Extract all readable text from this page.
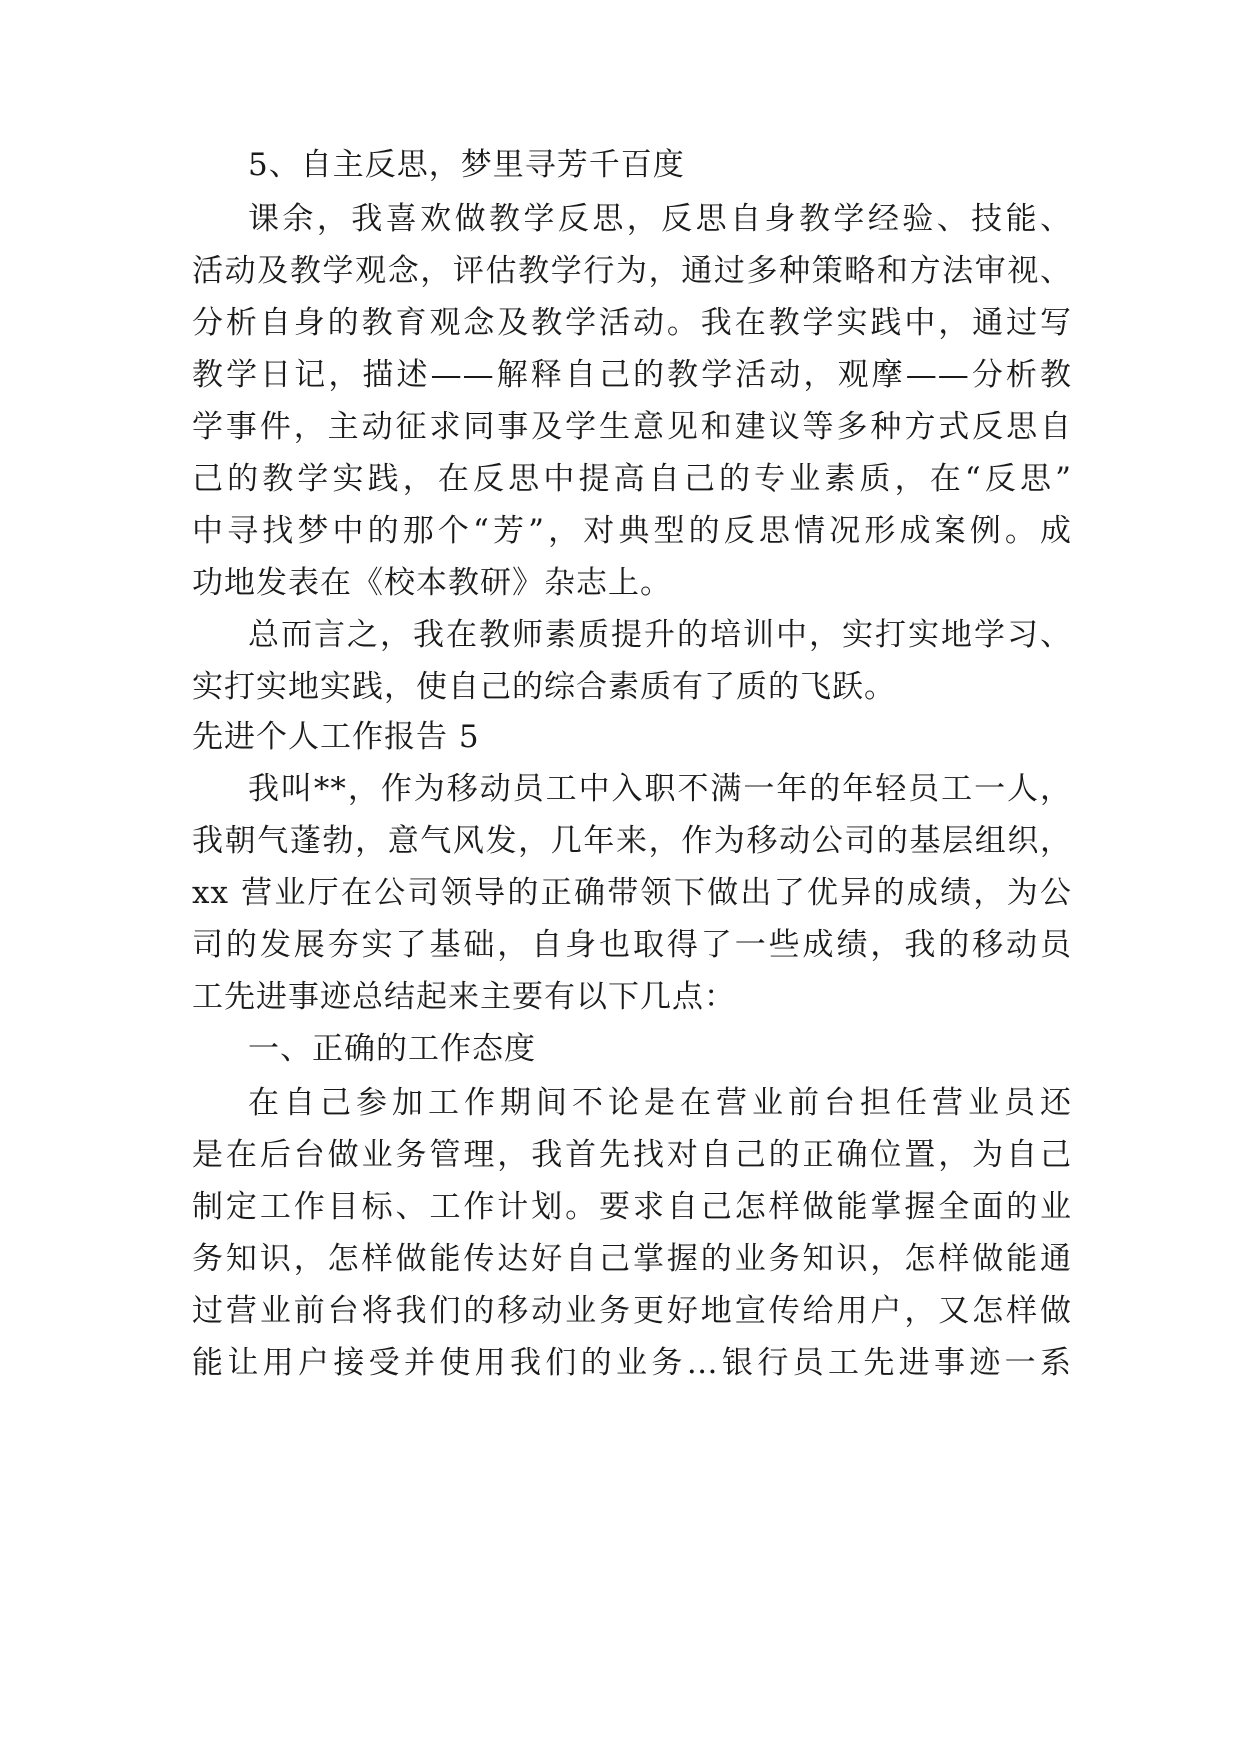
5、自主反思，梦里寻芳千百度
课余，我喜欢做教学反思，反思自身教学经验、技能、
活动及教学观念，评估教学行为，通过多种策略和方法审视、
分析自身的教育观念及教学活动。我在教学实践中，通过写
教学日记，描述——解释自己的教学活动，观摩——分析教
学事件，主动征求同事及学生意见和建议等多种方式反思自
己的教学实践，在反思中提高自己的专业素质，在“反思”
中寻找梦中的那个“芳”，对典型的反思情况形成案例。成
功地发表在《校本教研》杂志上。
总而言之，我在教师素质提升的培训中，实打实地学习、
实打实地实践，使自己的综合素质有了质的飞跃。
先进个人工作报告 5
我叫**，作为移动员工中入职不满一年的年轻员工一人，
我朝气蓬勃，意气风发，几年来，作为移动公司的基层组织，
xx 营业厅在公司领导的正确带领下做出了优异的成绩，为公
司的发展夯实了基础，自身也取得了一些成绩，我的移动员
工先进事迹总结起来主要有以下几点：
一、正确的工作态度
在自己参加工作期间不论是在营业前台担任营业员还
是在后台做业务管理，我首先找对自己的正确位置，为自己
制定工作目标、工作计划。要求自己怎样做能掌握全面的业
务知识，怎样做能传达好自己掌握的业务知识，怎样做能通
过营业前台将我们的移动业务更好地宣传给用户，又怎样做
能让用户接受并使用我们的业务…银行员工先进事迹一系
